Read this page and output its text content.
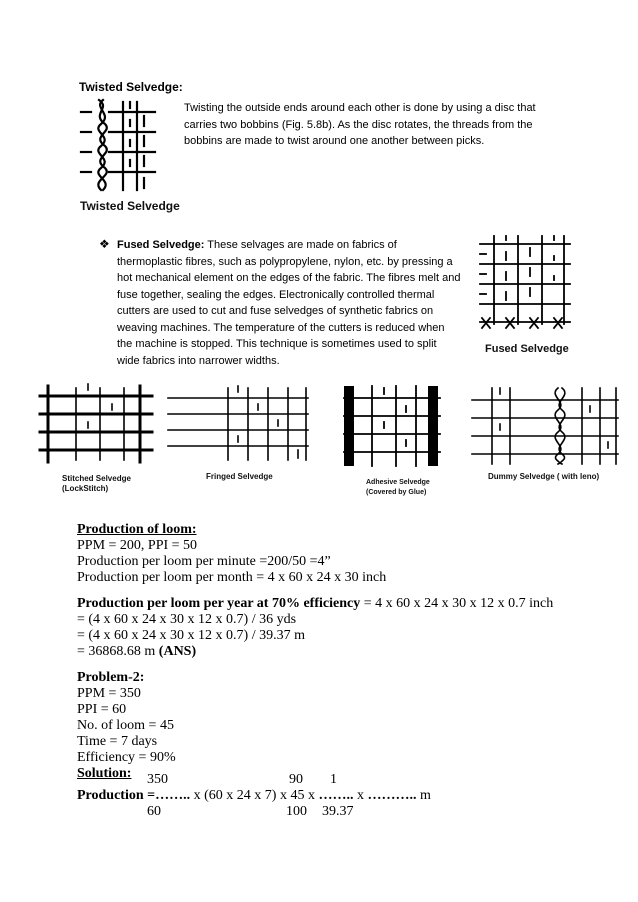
Twisted Selvedge:
Twisting the outside ends around each other is done by using a disc that carries two bobbins (Fig. 5.8b). As the disc rotates, the threads from the bobbins are made to twist around one another between picks.
Twisted Selvedge
❖ Fused Selvedge: These selvages are made on fabrics of thermoplastic fibres, such as polypropylene, nylon, etc. by pressing a hot mechanical element on the edges of the fabric. The fibres melt and fuse together, sealing the edges. Electronically controlled thermal cutters are used to cut and fuse selvedges of synthetic fabrics on weaving machines. The temperature of the cutters is reduced when the machine is stopped. This technique is sometimes used to split wide fabrics into narrower widths.
Fused Selvedge
Stitched Selvedge
(LockStitch)
Fringed Selvedge
Adhesive Selvedge
(Covered by Glue)
Dummy Selvedge ( with leno)
Production of loom:
PPM = 200, PPI = 50
Production per loom per minute =200/50 =4”
Production per loom per month = 4 x 60 x 24 x 30 inch
Production per loom per year at 70% efficiency = 4 x 60 x 24 x 30 x 12 x 0.7 inch
= (4 x 60 x 24 x 30 x 12 x 0.7) / 36 yds
= (4 x 60 x 24 x 30 x 12 x 0.7) / 39.37 m
= 36868.68 m (ANS)
Problem-2:
PPM = 350
PPI = 60
No. of loom = 45
Time = 7 days
Efficiency = 90%
Solution: 350	90 1
Production =…….. x (60 x 24 x 7) x 45 x …….. x ……….. m
60	100 39.37
